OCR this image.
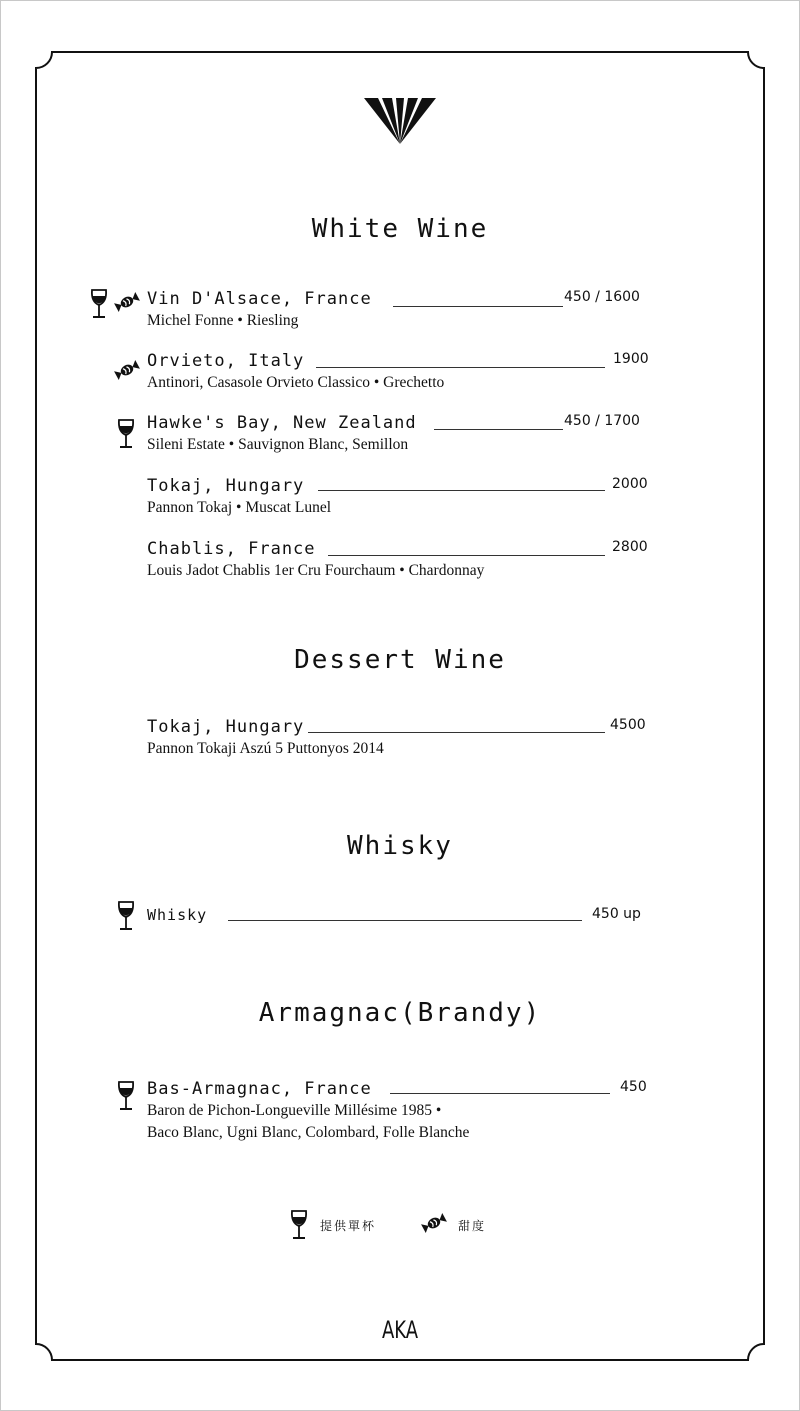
White Wine
Vin D'Alsace, France	450 / 1600
Michel Fonne • Riesling
Orvieto, Italy	1900
Antinori, Casasole Orvieto Classico • Grechetto
Hawke's Bay, New Zealand	450 / 1700
Sileni Estate • Sauvignon Blanc, Semillon
Tokaj, Hungary	2000
Pannon Tokaj • Muscat Lunel
Chablis, France	2800
Louis Jadot Chablis 1er Cru Fourchaum • Chardonnay
Dessert Wine
Tokaj, Hungary	4500
Pannon Tokaji Aszú 5 Puttonyos 2014
Whisky
Whisky	450 up
Armagnac(Brandy)
Bas-Armagnac, France	450
Baron de Pichon-Longueville Millésime 1985 •
Baco Blanc, Ugni Blanc, Colombard, Folle Blanche
提供單杯	甜度
AKA
